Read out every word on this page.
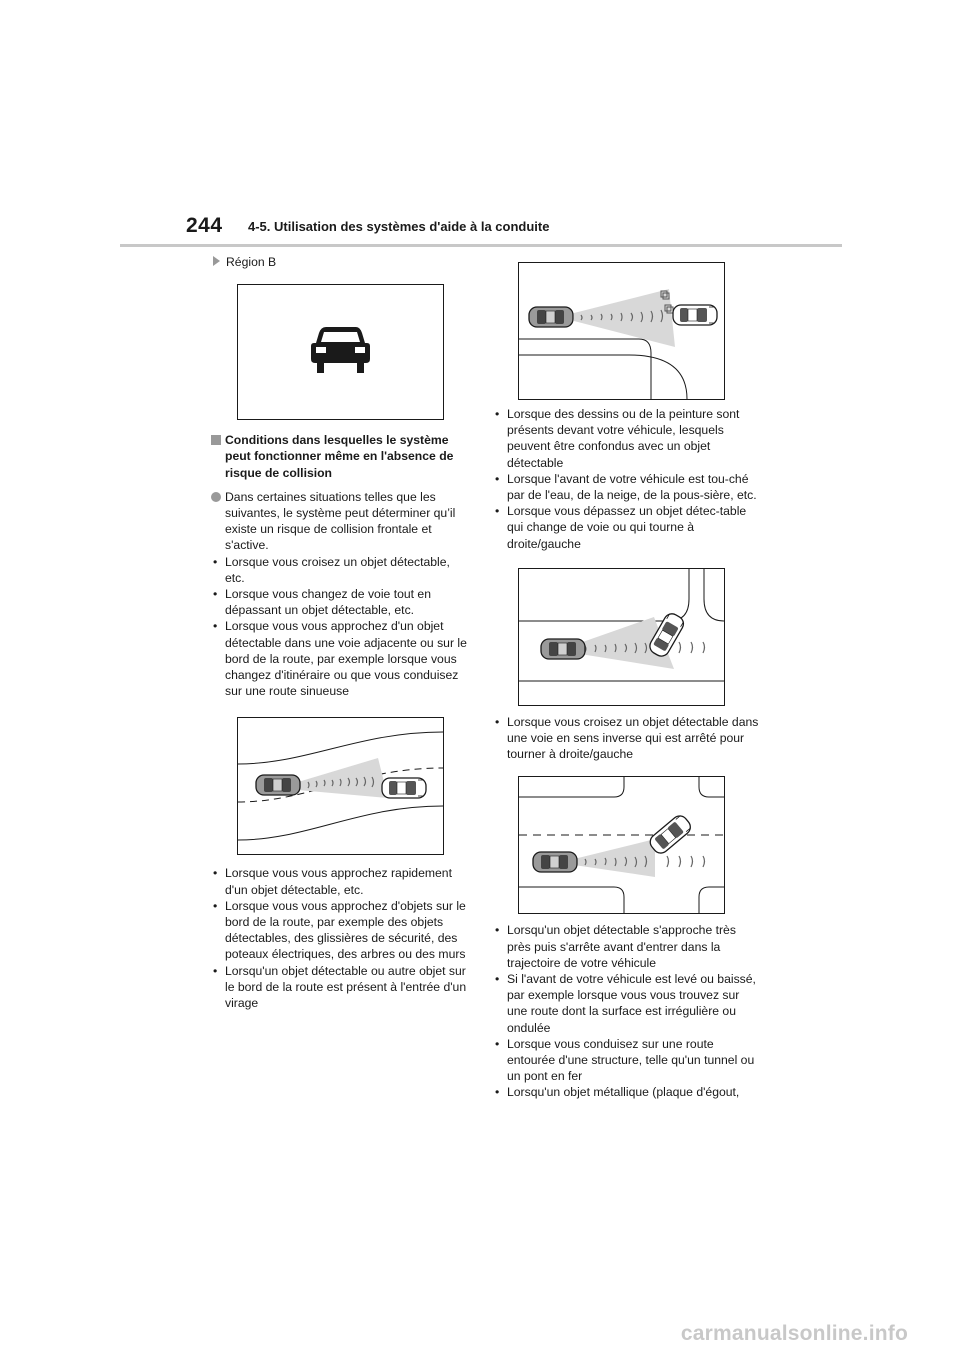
244 4-5. Utilisation des systèmes d'aide à la conduite
Région B

Conditions dans lesquelles le système peut fonctionner même en l'absence de risque de collision

Dans certaines situations telles que les suivantes, le système peut déterminer qu’il existe un risque de collision frontale et s'active.

• Lorsque vous croisez un objet détectable, etc.
• Lorsque vous changez de voie tout en dépassant un objet détectable, etc.
• Lorsque vous vous approchez d'un objet détectable dans une voie adjacente ou sur le bord de la route, par exemple lorsque vous changez d'itinéraire ou que vous conduisez sur une route sinueuse
• Lorsque vous vous approchez rapidement d'un objet détectable, etc.
• Lorsque vous vous approchez d'objets sur le bord de la route, par exemple des objets détectables, des glissières de sécurité, des poteaux électriques, des arbres ou des murs
• Lorsqu'un objet détectable ou autre objet sur le bord de la route est présent à l'entrée d'un virage
• Lorsque des dessins ou de la peinture sont présents devant votre véhicule, lesquels peuvent être confondus avec un objet détectable
• Lorsque l'avant de votre véhicule est tou-ché par de l'eau, de la neige, de la pous-sière, etc.
• Lorsque vous dépassez un objet détec-table qui change de voie ou qui tourne à droite/gauche
• Lorsque vous croisez un objet détectable dans une voie en sens inverse qui est arrêté pour tourner à droite/gauche
• Lorsqu'un objet détectable s'approche très près puis s'arrête avant d'entrer dans la trajectoire de votre véhicule
• Si l'avant de votre véhicule est levé ou baissé, par exemple lorsque vous vous trouvez sur une route dont la surface est irrégulière ou ondulée
• Lorsque vous conduisez sur une route entourée d'une structure, telle qu'un tunnel ou un pont en fer
• Lorsqu'un objet métallique (plaque d'égout,
carmanualsonline.info
